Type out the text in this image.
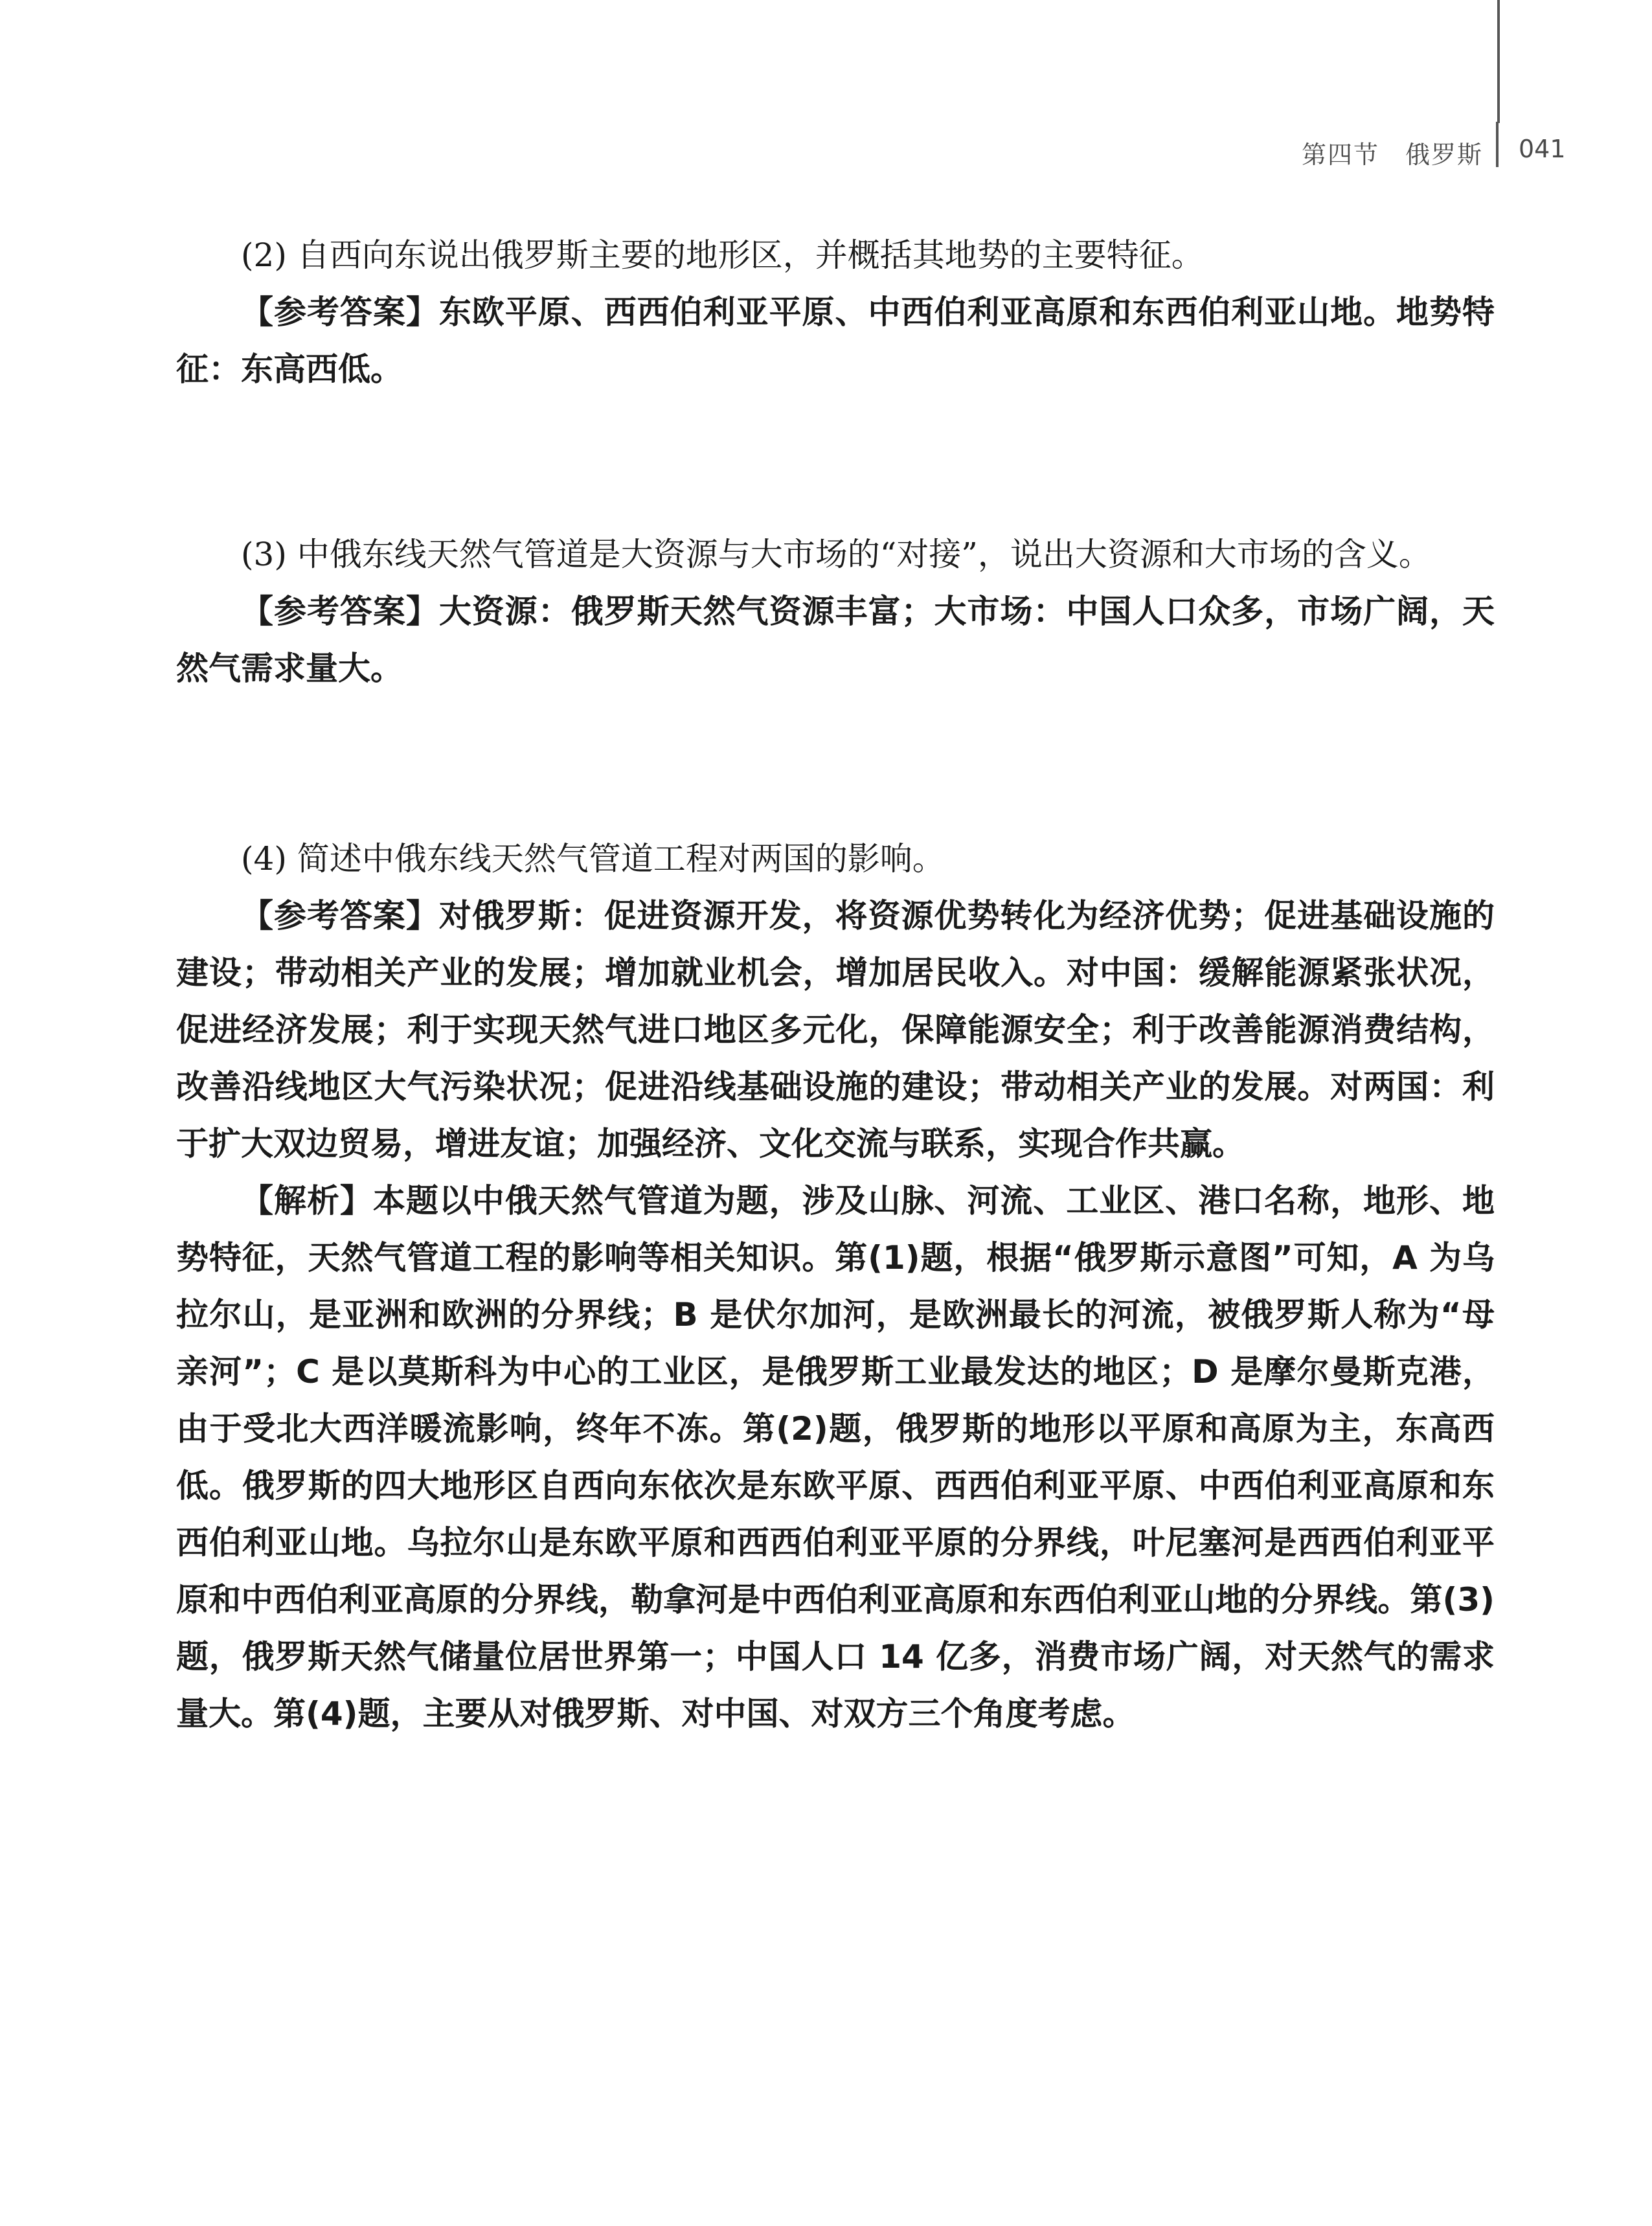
第四节　俄罗斯 041

(2) 自西向东说出俄罗斯主要的地形区，并概括其地势的主要特征。

【参考答案】东欧平原、西西伯利亚平原、中西伯利亚高原和东西伯利亚山地。地势特征：东高西低。

(3) 中俄东线天然气管道是大资源与大市场的“对接”，说出大资源和大市场的含义。

【参考答案】大资源：俄罗斯天然气资源丰富；大市场：中国人口众多，市场广阔，天然气需求量大。

(4) 简述中俄东线天然气管道工程对两国的影响。

【参考答案】对俄罗斯：促进资源开发，将资源优势转化为经济优势；促进基础设施的建设；带动相关产业的发展；增加就业机会，增加居民收入。对中国：缓解能源紧张状况，促进经济发展；利于实现天然气进口地区多元化，保障能源安全；利于改善能源消费结构，改善沿线地区大气污染状况；促进沿线基础设施的建设；带动相关产业的发展。对两国：利于扩大双边贸易，增进友谊；加强经济、文化交流与联系，实现合作共赢。

【解析】本题以中俄天然气管道为题，涉及山脉、河流、工业区、港口名称，地形、地势特征，天然气管道工程的影响等相关知识。第(1)题，根据“俄罗斯示意图”可知，A 为乌拉尔山，是亚洲和欧洲的分界线；B 是伏尔加河，是欧洲最长的河流，被俄罗斯人称为“母亲河”；C 是以莫斯科为中心的工业区，是俄罗斯工业最发达的地区；D 是摩尔曼斯克港，由于受北大西洋暖流影响，终年不冻。第(2)题，俄罗斯的地形以平原和高原为主，东高西低。俄罗斯的四大地形区自西向东依次是东欧平原、西西伯利亚平原、中西伯利亚高原和东西伯利亚山地。乌拉尔山是东欧平原和西西伯利亚平原的分界线，叶尼塞河是西西伯利亚平原和中西伯利亚高原的分界线，勒拿河是中西伯利亚高原和东西伯利亚山地的分界线。第(3)题，俄罗斯天然气储量位居世界第一；中国人口 14 亿多，消费市场广阔，对天然气的需求量大。第(4)题，主要从对俄罗斯、对中国、对双方三个角度考虑。
